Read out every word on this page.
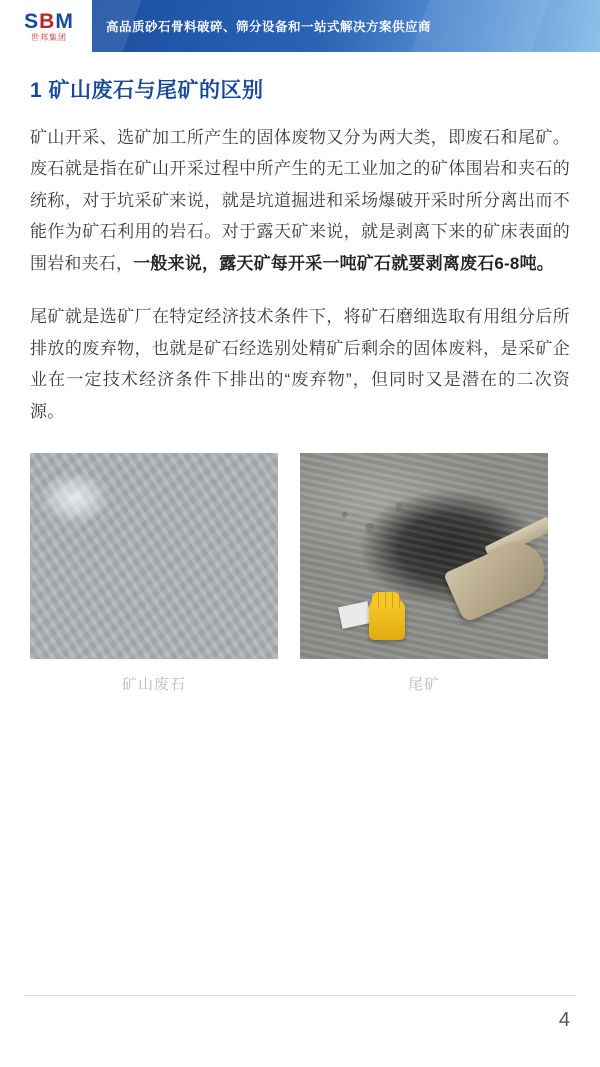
SBM
世邦集团
高品质砂石骨料破碎、筛分设备和一站式解决方案供应商
1 矿山废石与尾矿的区别

矿山开采、选矿加工所产生的固体废物又分为两大类，即废石和尾矿。废石就是指在矿山开采过程中所产生的无工业加之的矿体围岩和夹石的统称，对于坑采矿来说，就是坑道掘进和采场爆破开采时所分离出而不能作为矿石利用的岩石。对于露天矿来说，就是剥离下来的矿床表面的围岩和夹石，一般来说，露天矿每开采一吨矿石就要剥离废石6-8吨。

尾矿就是选矿厂在特定经济技术条件下，将矿石磨细选取有用组分后所排放的废弃物，也就是矿石经选别处精矿后剩余的固体废料，是采矿企业在一定技术经济条件下排出的“废弃物”，但同时又是潜在的二次资源。

矿山废石	尾矿
4
